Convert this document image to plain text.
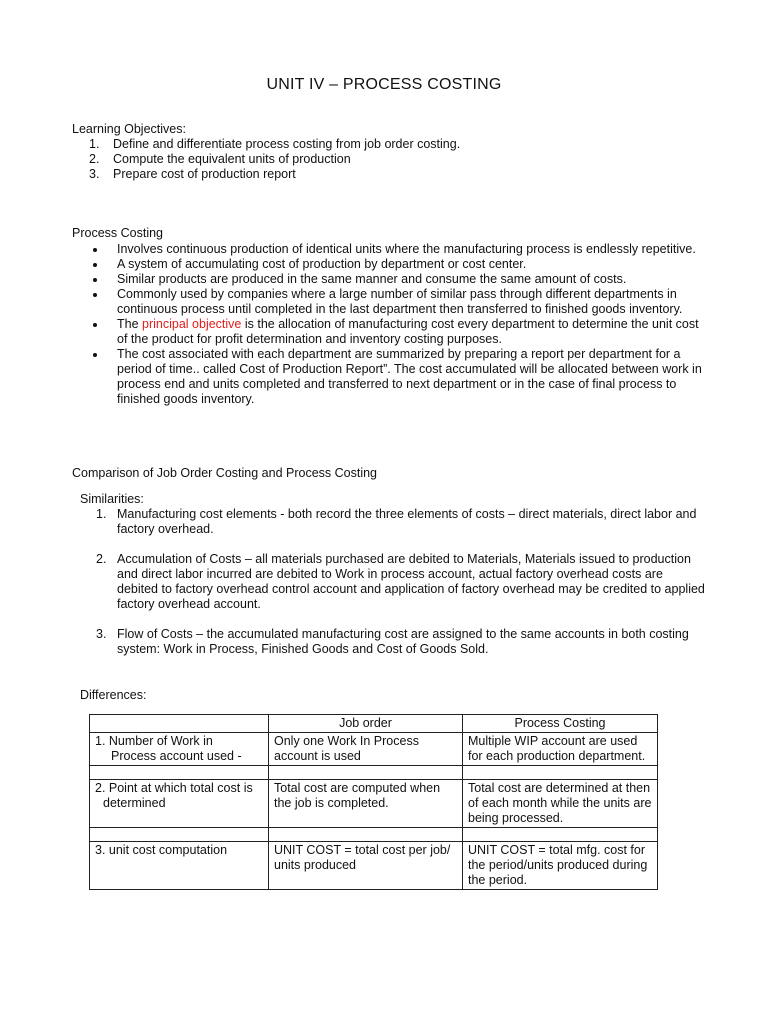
UNIT IV – PROCESS COSTING
Learning Objectives:
1. Define and differentiate process costing from job order costing.
2. Compute the equivalent units of production
3. Prepare cost of production report
Process Costing
Involves continuous production of identical units where the manufacturing process is endlessly repetitive.
A system of accumulating cost of production by department or cost center.
Similar products are produced in the same manner and consume the same amount of costs.
Commonly used by companies where a large number of similar pass through different departments in continuous process until completed in the last department then transferred to finished goods inventory.
The principal objective is the allocation of manufacturing cost every department to determine the unit cost of the product for profit determination and inventory costing purposes.
The cost associated with each department are summarized by preparing a report per department for a period of time.. called Cost of Production Report”. The cost accumulated will be allocated between work in process end and units completed and transferred to next department or in the case of final process to finished goods inventory.
Comparison of Job Order Costing and Process Costing
Similarities:
1. Manufacturing cost elements - both record the three elements of costs – direct materials, direct labor and factory overhead.
2. Accumulation of Costs – all materials purchased are debited to Materials, Materials issued to production and direct labor incurred are debited to Work in process account, actual factory overhead costs are debited to factory overhead control account and application of factory overhead may be credited to applied factory overhead account.
3. Flow of Costs – the accumulated manufacturing cost are assigned to the same accounts in both costing system: Work in Process, Finished Goods and Cost of Goods Sold.
Differences:
	Job order	Process Costing
1. Number of Work in
Process account used -	Only one Work In Process account is used	Multiple WIP account are used for each production department.

2. Point at which total cost is
determined	Total cost are computed when the job is completed.	Total cost are determined at then of each month while the units are being processed.

3. unit cost computation	UNIT COST = total cost per job/ units produced	UNIT COST = total mfg. cost for the period/units produced during the period.
